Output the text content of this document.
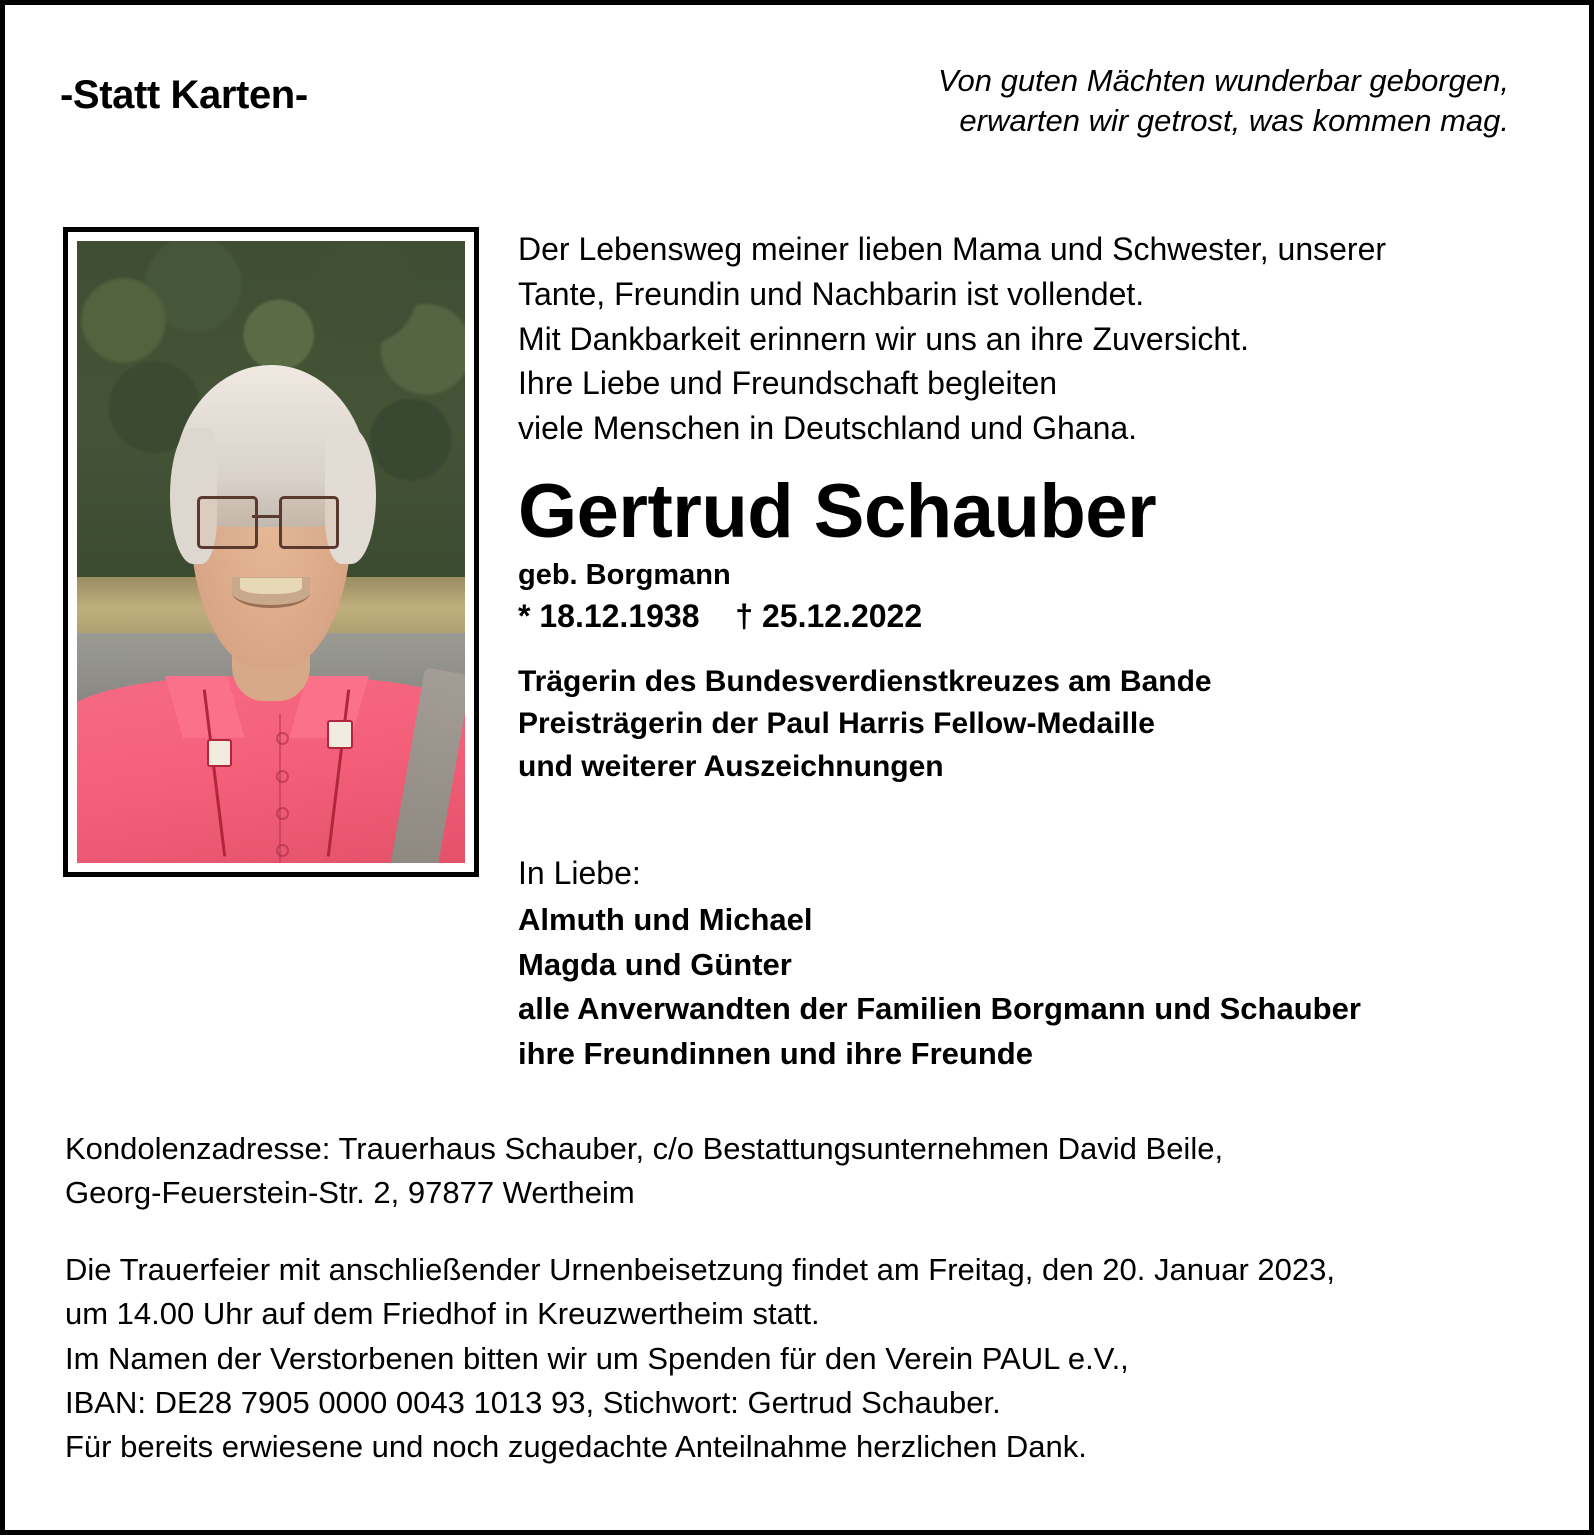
-Statt Karten-	Von guten Mächten wunderbar geborgen,
erwarten wir getrost, was kommen mag.
Der Lebensweg meiner lieben Mama und Schwester, unserer
Tante, Freundin und Nachbarin ist vollendet.
Mit Dankbarkeit erinnern wir uns an ihre Zuversicht.
Ihre Liebe und Freundschaft begleiten
viele Menschen in Deutschland und Ghana.
Gertrud Schauber
geb. Borgmann
* 18.12.1938 † 25.12.2022
Trägerin des Bundesverdienstkreuzes am Bande
Preisträgerin der Paul Harris Fellow-Medaille
und weiterer Auszeichnungen
In Liebe:
Almuth und Michael
Magda und Günter
alle Anverwandten der Familien Borgmann und Schauber
ihre Freundinnen und ihre Freunde
Kondolenzadresse: Trauerhaus Schauber, c/o Bestattungsunternehmen David Beile,
Georg-Feuerstein-Str. 2, 97877 Wertheim
Die Trauerfeier mit anschließender Urnenbeisetzung findet am Freitag, den 20. Januar 2023,
um 14.00 Uhr auf dem Friedhof in Kreuzwertheim statt.
Im Namen der Verstorbenen bitten wir um Spenden für den Verein PAUL e.V.,
IBAN: DE28 7905 0000 0043 1013 93, Stichwort: Gertrud Schauber.
Für bereits erwiesene und noch zugedachte Anteilnahme herzlichen Dank.
